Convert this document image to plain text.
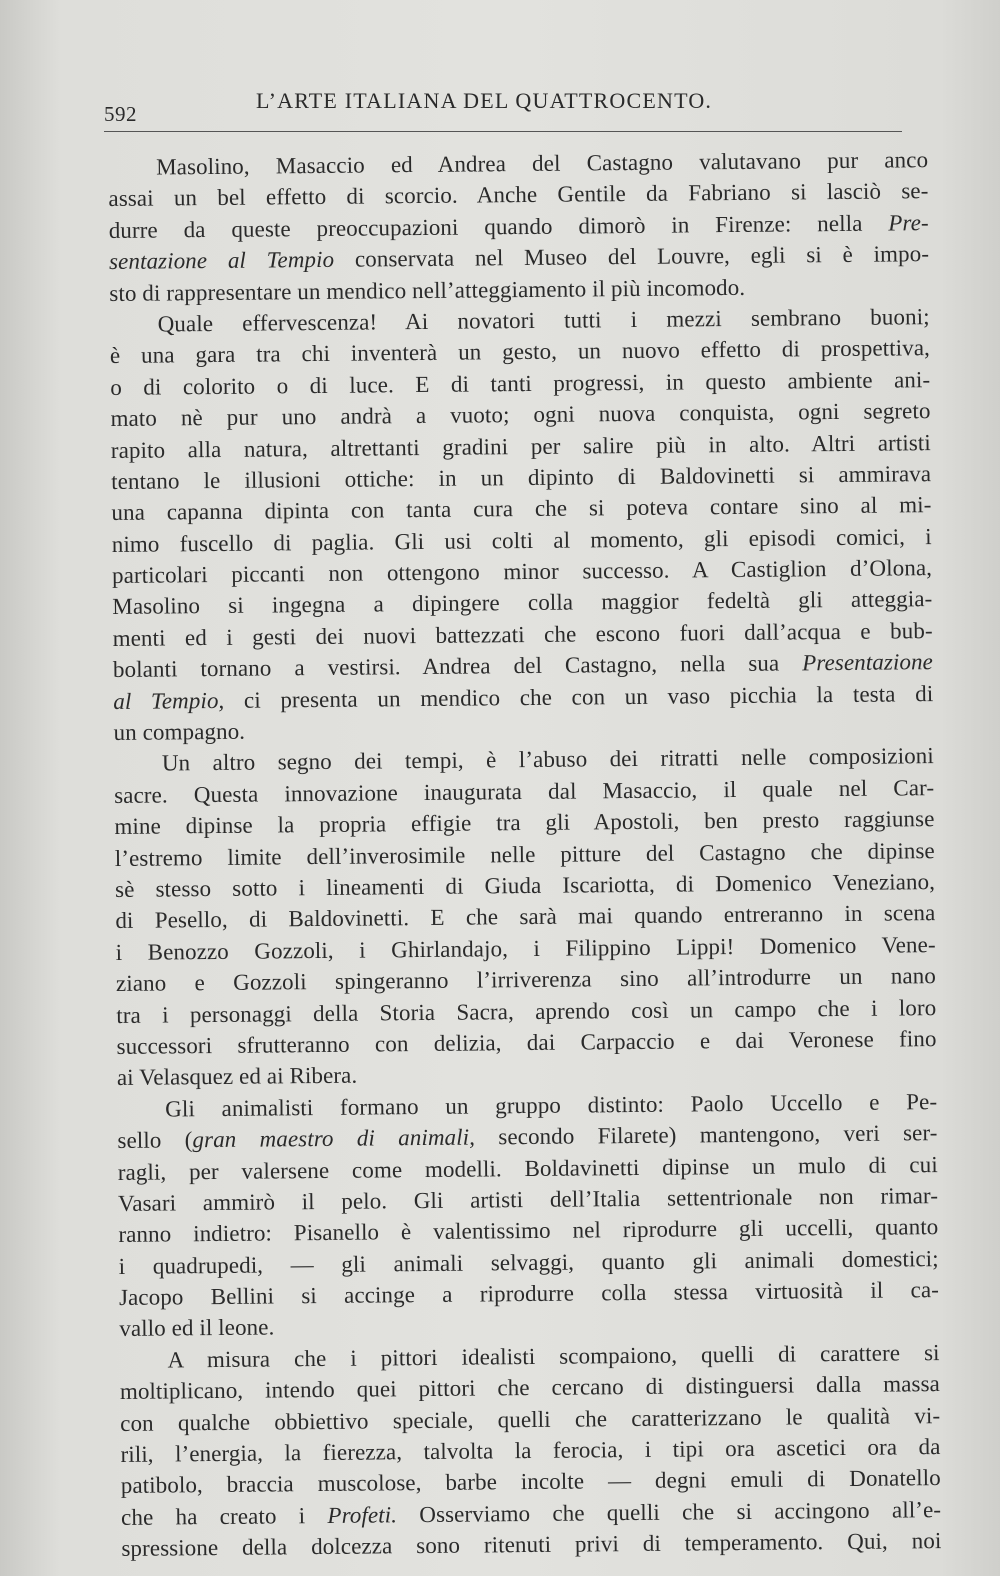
592
L’ARTE ITALIANA DEL QUATTROCENTO.
Masolino, Masaccio ed Andrea del Castagno valutavano pur anco
assai un bel effetto di scorcio. Anche Gentile da Fabriano si lasciò se-
durre da queste preoccupazioni quando dimorò in Firenze: nella Pre-
sentazione al Tempio conservata nel Museo del Louvre, egli si è impo-
sto di rappresentare un mendico nell’atteggiamento il più incomodo.
Quale effervescenza! Ai novatori tutti i mezzi sembrano buoni;
è una gara tra chi inventerà un gesto, un nuovo effetto di prospettiva,
o di colorito o di luce. E di tanti progressi, in questo ambiente ani-
mato nè pur uno andrà a vuoto; ogni nuova conquista, ogni segreto
rapito alla natura, altrettanti gradini per salire più in alto. Altri artisti
tentano le illusioni ottiche: in un dipinto di Baldovinetti si ammirava
una capanna dipinta con tanta cura che si poteva contare sino al mi-
nimo fuscello di paglia. Gli usi colti al momento, gli episodi comici, i
particolari piccanti non ottengono minor successo. A Castiglion d’Olona,
Masolino si ingegna a dipingere colla maggior fedeltà gli atteggia-
menti ed i gesti dei nuovi battezzati che escono fuori dall’acqua e bub-
bolanti tornano a vestirsi. Andrea del Castagno, nella sua Presentazione
al Tempio, ci presenta un mendico che con un vaso picchia la testa di
un compagno.
Un altro segno dei tempi, è l’abuso dei ritratti nelle composizioni
sacre. Questa innovazione inaugurata dal Masaccio, il quale nel Car-
mine dipinse la propria effigie tra gli Apostoli, ben presto raggiunse
l’estremo limite dell’inverosimile nelle pitture del Castagno che dipinse
sè stesso sotto i lineamenti di Giuda Iscariotta, di Domenico Veneziano,
di Pesello, di Baldovinetti. E che sarà mai quando entreranno in scena
i Benozzo Gozzoli, i Ghirlandajo, i Filippino Lippi! Domenico Vene-
ziano e Gozzoli spingeranno l’irriverenza sino all’introdurre un nano
tra i personaggi della Storia Sacra, aprendo così un campo che i loro
successori sfrutteranno con delizia, dai Carpaccio e dai Veronese fino
ai Velasquez ed ai Ribera.
Gli animalisti formano un gruppo distinto: Paolo Uccello e Pe-
sello (gran maestro di animali, secondo Filarete) mantengono, veri ser-
ragli, per valersene come modelli. Boldavinetti dipinse un mulo di cui
Vasari ammirò il pelo. Gli artisti dell’Italia settentrionale non rimar-
ranno indietro: Pisanello è valentissimo nel riprodurre gli uccelli, quanto
i quadrupedi, — gli animali selvaggi, quanto gli animali domestici;
Jacopo Bellini si accinge a riprodurre colla stessa virtuosità il ca-
vallo ed il leone.
A misura che i pittori idealisti scompaiono, quelli di carattere si
moltiplicano, intendo quei pittori che cercano di distinguersi dalla massa
con qualche obbiettivo speciale, quelli che caratterizzano le qualità vi-
rili, l’energia, la fierezza, talvolta la ferocia, i tipi ora ascetici ora da
patibolo, braccia muscolose, barbe incolte — degni emuli di Donatello
che ha creato i Profeti. Osserviamo che quelli che si accingono all’e-
spressione della dolcezza sono ritenuti privi di temperamento. Qui, noi
